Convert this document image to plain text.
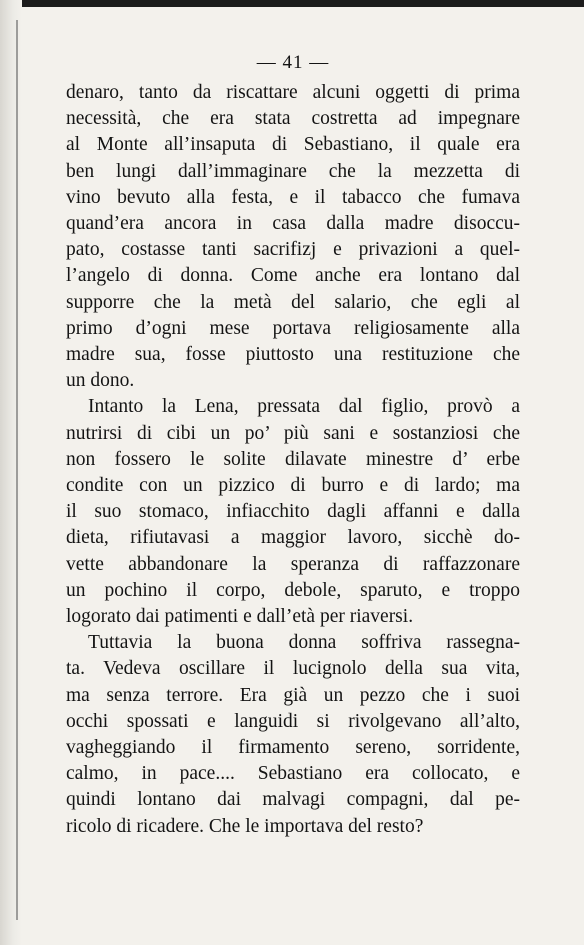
— 41 —
denaro, tanto da riscattare alcuni oggetti di prima
necessità, che era stata costretta ad impegnare
al Monte all’insaputa di Sebastiano, il quale era
ben lungi dall’immaginare che la mezzetta di
vino bevuto alla festa, e il tabacco che fumava
quand’era ancora in casa dalla madre disoccu-
pato, costasse tanti sacrifizj e privazioni a quel-
l’angelo di donna. Come anche era lontano dal
supporre che la metà del salario, che egli al
primo d’ogni mese portava religiosamente alla
madre sua, fosse piuttosto una restituzione che
un dono.
Intanto la Lena, pressata dal figlio, provò a
nutrirsi di cibi un po’ più sani e sostanziosi che
non fossero le solite dilavate minestre d’ erbe
condite con un pizzico di burro e di lardo; ma
il suo stomaco, infiacchito dagli affanni e dalla
dieta, rifiutavasi a maggior lavoro, sicchè do-
vette abbandonare la speranza di raffazzonare
un pochino il corpo, debole, sparuto, e troppo
logorato dai patimenti e dall’età per riaversi.
Tuttavia la buona donna soffriva rassegna-
ta. Vedeva oscillare il lucignolo della sua vita,
ma senza terrore. Era già un pezzo che i suoi
occhi spossati e languidi si rivolgevano all’alto,
vagheggiando il firmamento sereno, sorridente,
calmo, in pace.... Sebastiano era collocato, e
quindi lontano dai malvagi compagni, dal pe-
ricolo di ricadere. Che le importava del resto?
